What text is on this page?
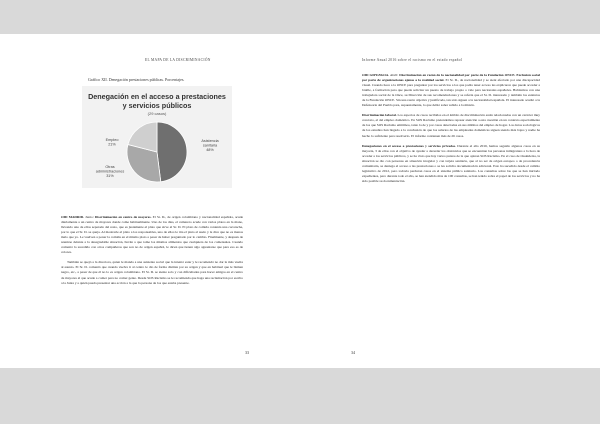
EL MAPA DE LA DISCRIMINACIÓN
Gráfico XII. Denegación prestaciones públicas. Porcentajes.
Denegación en el acceso a prestaciones
y servicios públicos
(29 casos)
Asistencia
sanitaria
48%
Otras
administraciones
31%
Empleo
21%

OID MADRID. Junio: Discriminación en centro de mayores. El Sr. D., de origen colombiano y nacionalidad española, acude diariamente a un centro de mayores donde come habitualmente. Uno de los días, el camarero acude con varios platos en la mano, llevando uno de ellos separado del resto, que es justamente el plato que sirve al Sr. D. El plato de comida contenía una cucaracha, por lo que el Sr. D. se queja. Al mostrarle el plato a los responsables, uno de ellos le tira el plato al suelo y le dice que no es menos malo que yo. Le vuelven a poner la comida en el mismo plato a pesar de haber preguntado por lo cambio. Finalmente, y después de reunirse delante a la desagradable situación, lleván a que tome los mismos alimentos que cualquiera de los comensales. Cuando comentó lo sucedido con otros compañeros que son no de origen español, le dicen que tienen algo aguantarse que para eso es de colores.

También se quejó a la directora, quien le manda a una asistente social que la intentó estar y le recomendó no dar la más vuelta al asunto. El Sr. D. comentó que cuando vuelva ir al centro le dio de forma distinta por su origen y que en habitual que le llamen negro, etc., a pesar de que él no lo es origen colombiano. El Sr. D. se siente solo y con dificultades para hacer amigos en el centro de mayores al que acude a comer para no comer gente. Desde SOS Racismo se le recomienda que haga una reclamación por escrito a la Junta y a quién pueda presentar una acción a la que la persona de los que estaba presente.

33
Informe Anual 2016 sobre el racismo en el estado español

OID GIPUZKOA. Abril: Discriminación en razón de la nacionalidad por parte de la Fundación ONCE. Exclusión social por parte de organizaciones ajenas a la realidad social. El Sr. D., de nacionalidad y se sient afectado por una discapacidad visual. Cuando hace a la ONCE para preguntar por los servicios a los que podía tener acceso les explicaron que puede acceder a braille, a formación para que pueda solicitar un puesto de trabajo propio o vale para nacionales españoles. Habitamos con una trabajadora social de la Once, su Dirección de sus recomendaciones y se refería que el Sr. D. interesado y también los estatutos de la Fundación ONCE. Sin una razón objetiva y justificada, tan sólo siguen a la nacionalidad española. El interesado acudió a la Defensoría del Pueblo para, supuestamente, lo que debió saber sabido a la misión.

Discriminación laboral. Los aspectos de casos recibidos en el ámbito de discriminación están relacionadas con un carácter muy concreto, el del empleo doméstico. En SOS Racismo pretendemos repasar atención a esta cuestión en un contexto especialmente de los que SOS Racismo emitimos, tanto la de y por casos detectadas en sus ámbitos del empleo de hogar. Los datos sociológicos de los estudios han llegado a la conclusión de que los salarios de las empleadas domésticas siguen siendo más bajos y nadie ha hecho lo suficiente para resolverlo. El informe contienen más de 26 casos.

Denegaciones en el acceso a prestaciones y servicios privados. Durante el año 2016, hemos seguido algunos casos en su mayoría, 3 de ellos con el objetivo de ayudar a desvelar los obstáculos que se encuentran las personas inmigrantes a la hora de acceder a los servicios públicos, y se ha visto que hay varios puntos de la que opinan SOS Racismo. En el caso de Osakidetza, la situación se dio con personas en situación irregular y con tarjeta sanitaria, que al no ser de origen europeo o de procedencia comunitaria, se deniega el acceso a las prestaciones o se les solicita documentación adicional. Esto ha sucedido desde el cambio legislativo de 2012, pero todavía perduran casos en el sistema público sanitario. Las consultas sobre las que se han iniciado expedientes, pero durante todo el año, se han atendido más de 100 consultas, se han tenido sobre el papel de los servicios y no ha sido posible su documentación.

34
